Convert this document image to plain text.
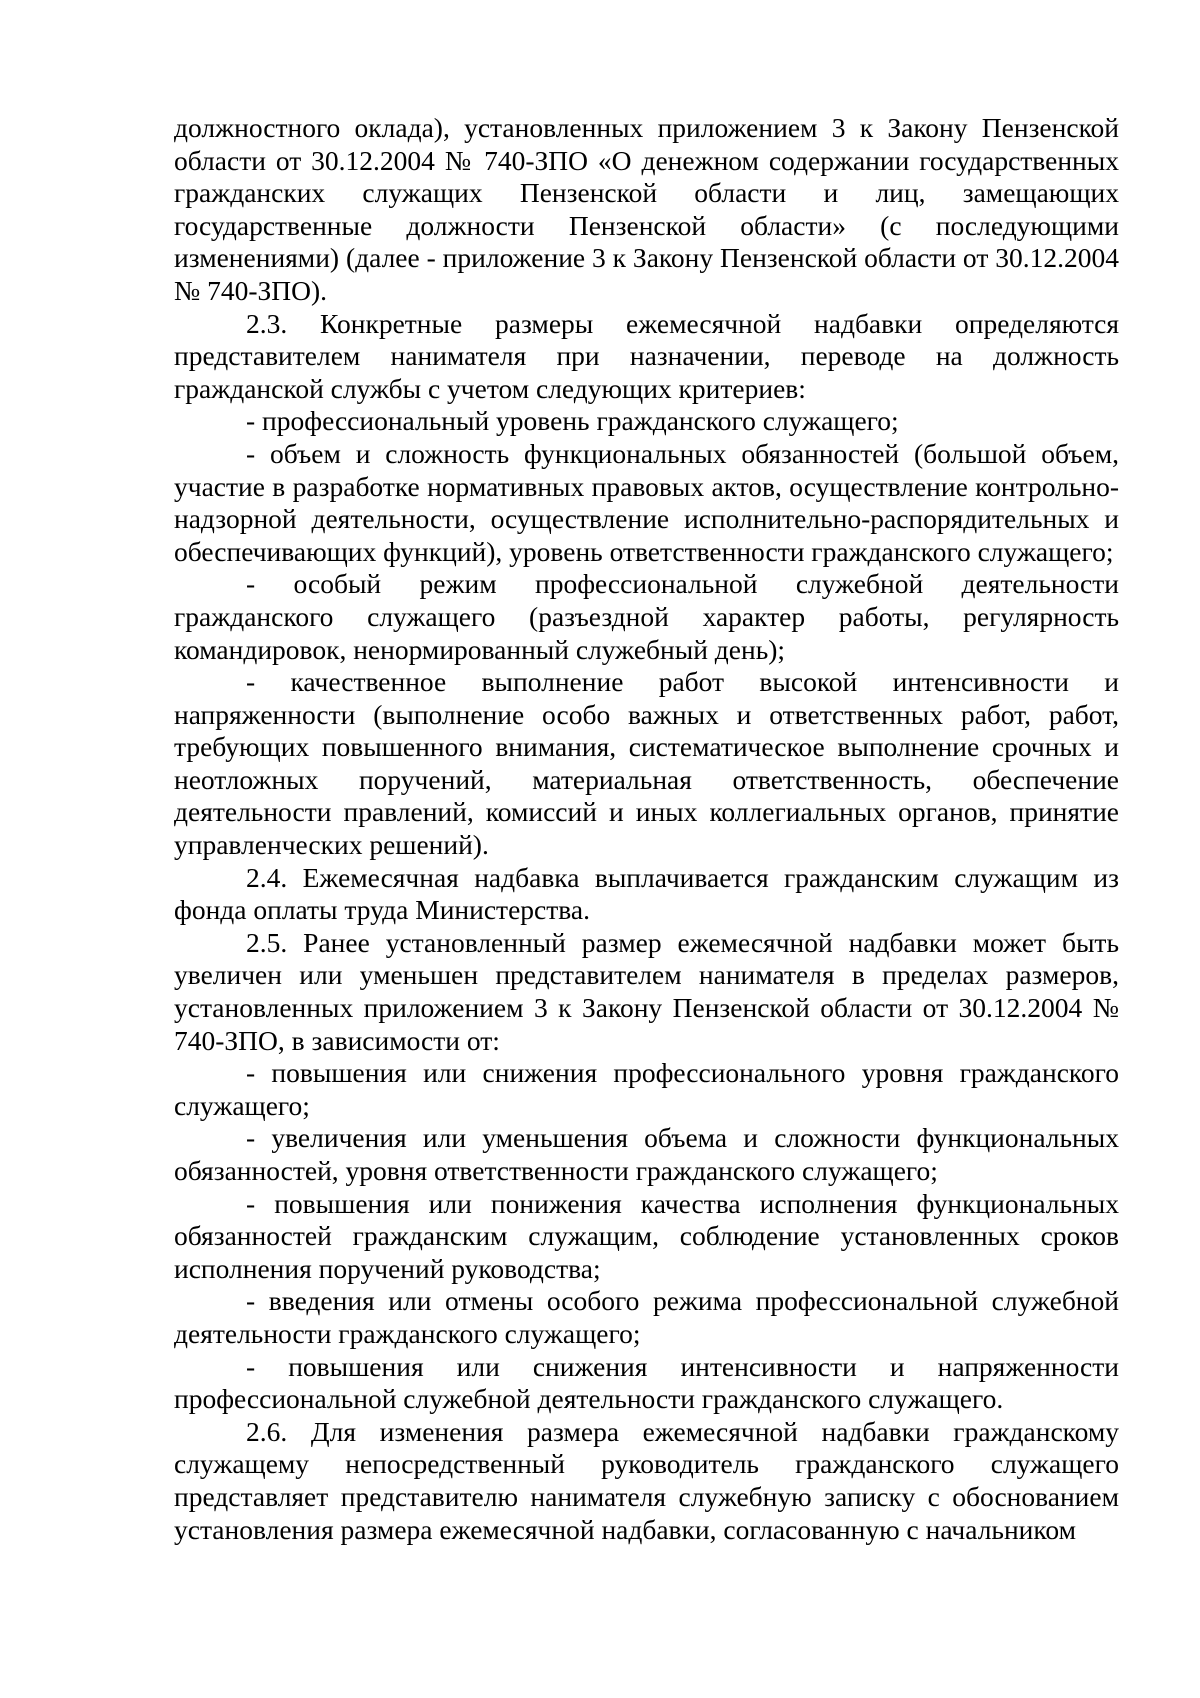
должностного оклада), установленных приложением 3 к Закону Пензенской области от 30.12.2004 № 740-ЗПО «О денежном содержании государственных гражданских служащих Пензенской области и лиц, замещающих государственные должности Пензенской области» (с последующими изменениями) (далее - приложение 3 к Закону Пензенской области от 30.12.2004 № 740-ЗПО).

2.3. Конкретные размеры ежемесячной надбавки определяются представителем нанимателя при назначении, переводе на должность гражданской службы с учетом следующих критериев:

- профессиональный уровень гражданского служащего;

- объем и сложность функциональных обязанностей (большой объем, участие в разработке нормативных правовых актов, осуществление контрольно-надзорной деятельности, осуществление исполнительно-распорядительных и обеспечивающих функций), уровень ответственности гражданского служащего;

- особый режим профессиональной служебной деятельности гражданского служащего (разъездной характер работы, регулярность командировок, ненормированный служебный день);

- качественное выполнение работ высокой интенсивности и напряженности (выполнение особо важных и ответственных работ, работ, требующих повышенного внимания, систематическое выполнение срочных и неотложных поручений, материальная ответственность, обеспечение деятельности правлений, комиссий и иных коллегиальных органов, принятие управленческих решений).

2.4. Ежемесячная надбавка выплачивается гражданским служащим из фонда оплаты труда Министерства.

2.5. Ранее установленный размер ежемесячной надбавки может быть увеличен или уменьшен представителем нанимателя в пределах размеров, установленных приложением 3 к Закону Пензенской области от 30.12.2004 № 740-ЗПО, в зависимости от:

- повышения или снижения профессионального уровня гражданского служащего;

- увеличения или уменьшения объема и сложности функциональных обязанностей, уровня ответственности гражданского служащего;

- повышения или понижения качества исполнения функциональных обязанностей гражданским служащим, соблюдение установленных сроков исполнения поручений руководства;

- введения или отмены особого режима профессиональной служебной деятельности гражданского служащего;

- повышения или снижения интенсивности и напряженности профессиональной служебной деятельности гражданского служащего.

2.6. Для изменения размера ежемесячной надбавки гражданскому служащему непосредственный руководитель гражданского служащего представляет представителю нанимателя служебную записку с обоснованием установления размера ежемесячной надбавки, согласованную с начальником
